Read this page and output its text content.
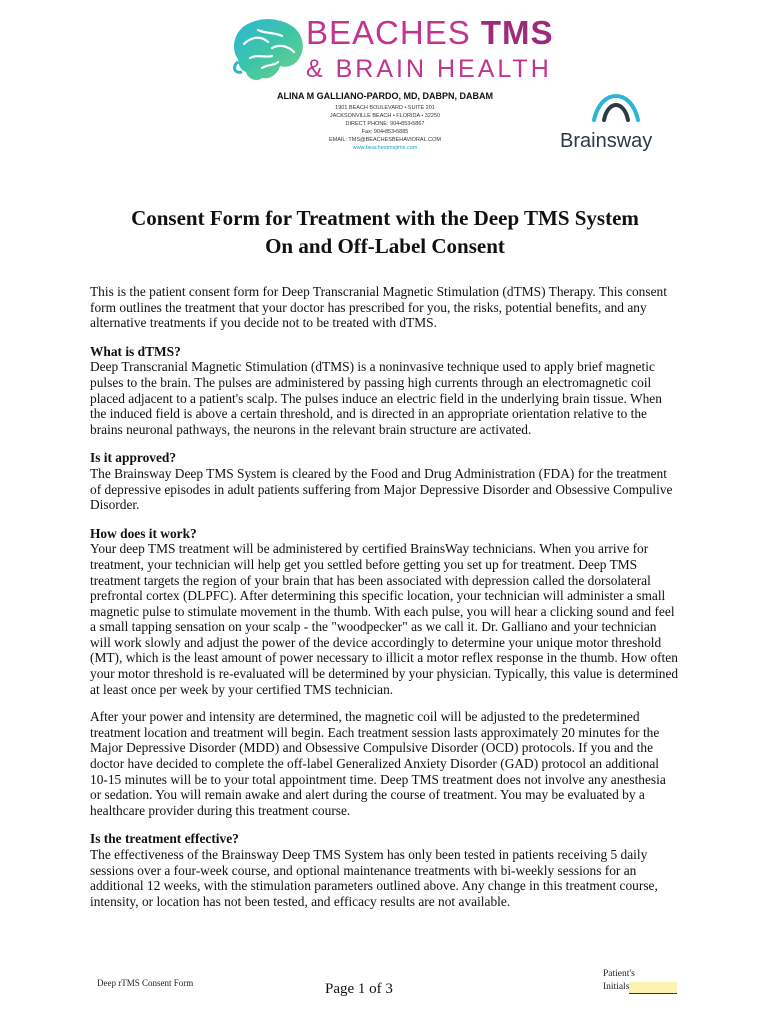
BEACHES TMS
& BRAIN HEALTH
ALINA M GALLIANO-PARDO, MD, DABPN, DABAM
1901 BEACH BOULEVARD • SUITE 201
JACKSONVILLE BEACH • FLORIDA • 32250
DIRECT PHONE: 904•853•5867
Fax: 904•853•5885
EMAIL: TMS@BEACHESBEHAVIORAL.COM
www.beachestmsjtms.com	Brainsway
Consent Form for Treatment with the Deep TMS System
On and Off-Label Consent

This is the patient consent form for Deep Transcranial Magnetic Stimulation (dTMS) Therapy. This consent form outlines the treatment that your doctor has prescribed for you, the risks, potential benefits, and any alternative treatments if you decide not to be treated with dTMS.

What is dTMS?

Deep Transcranial Magnetic Stimulation (dTMS) is a noninvasive technique used to apply brief magnetic pulses to the brain. The pulses are administered by passing high currents through an electromagnetic coil placed adjacent to a patient's scalp. The pulses induce an electric field in the underlying brain tissue. When the induced field is above a certain threshold, and is directed in an appropriate orientation relative to the brains neuronal pathways, the neurons in the relevant brain structure are activated.

Is it approved?

The Brainsway Deep TMS System is cleared by the Food and Drug Administration (FDA) for the treatment of depressive episodes in adult patients suffering from Major Depressive Disorder and Obsessive Compulive Disorder.

How does it work?

Your deep TMS treatment will be administered by certified BrainsWay technicians. When you arrive for treatment, your technician will help get you settled before getting you set up for treatment. Deep TMS treatment targets the region of your brain that has been associated with depression called the dorsolateral prefrontal cortex (DLPFC). After determining this specific location, your technician will administer a small magnetic pulse to stimulate movement in the thumb. With each pulse, you will hear a clicking sound and feel a small tapping sensation on your scalp - the "woodpecker" as we call it. Dr. Galliano and your technician will work slowly and adjust the power of the device accordingly to determine your unique motor threshold (MT), which is the least amount of power necessary to illicit a motor reflex response in the thumb. How often your motor threshold is re-evaluated will be determined by your physician. Typically, this value is determined at least once per week by your certified TMS technician.

After your power and intensity are determined, the magnetic coil will be adjusted to the predetermined treatment location and treatment will begin. Each treatment session lasts approximately 20 minutes for the Major Depressive Disorder (MDD) and Obsessive Compulsive Disorder (OCD) protocols. If you and the doctor have decided to complete the off-label Generalized Anxiety Disorder (GAD) protocol an additional 10-15 minutes will be to your total appointment time. Deep TMS treatment does not involve any anesthesia or sedation. You will remain awake and alert during the course of treatment. You may be evaluated by a healthcare provider during this treatment course.

Is the treatment effective?

The effectiveness of the Brainsway Deep TMS System has only been tested in patients receiving 5 daily sessions over a four-week course, and optional maintenance treatments with bi-weekly sessions for an additional 12 weeks, with the stimulation parameters outlined above. Any change in this treatment course, intensity, or location has not been tested, and efficacy results are not available.

Deep rTMS Consent Form	Page 1 of 3
Patient's
Initials
